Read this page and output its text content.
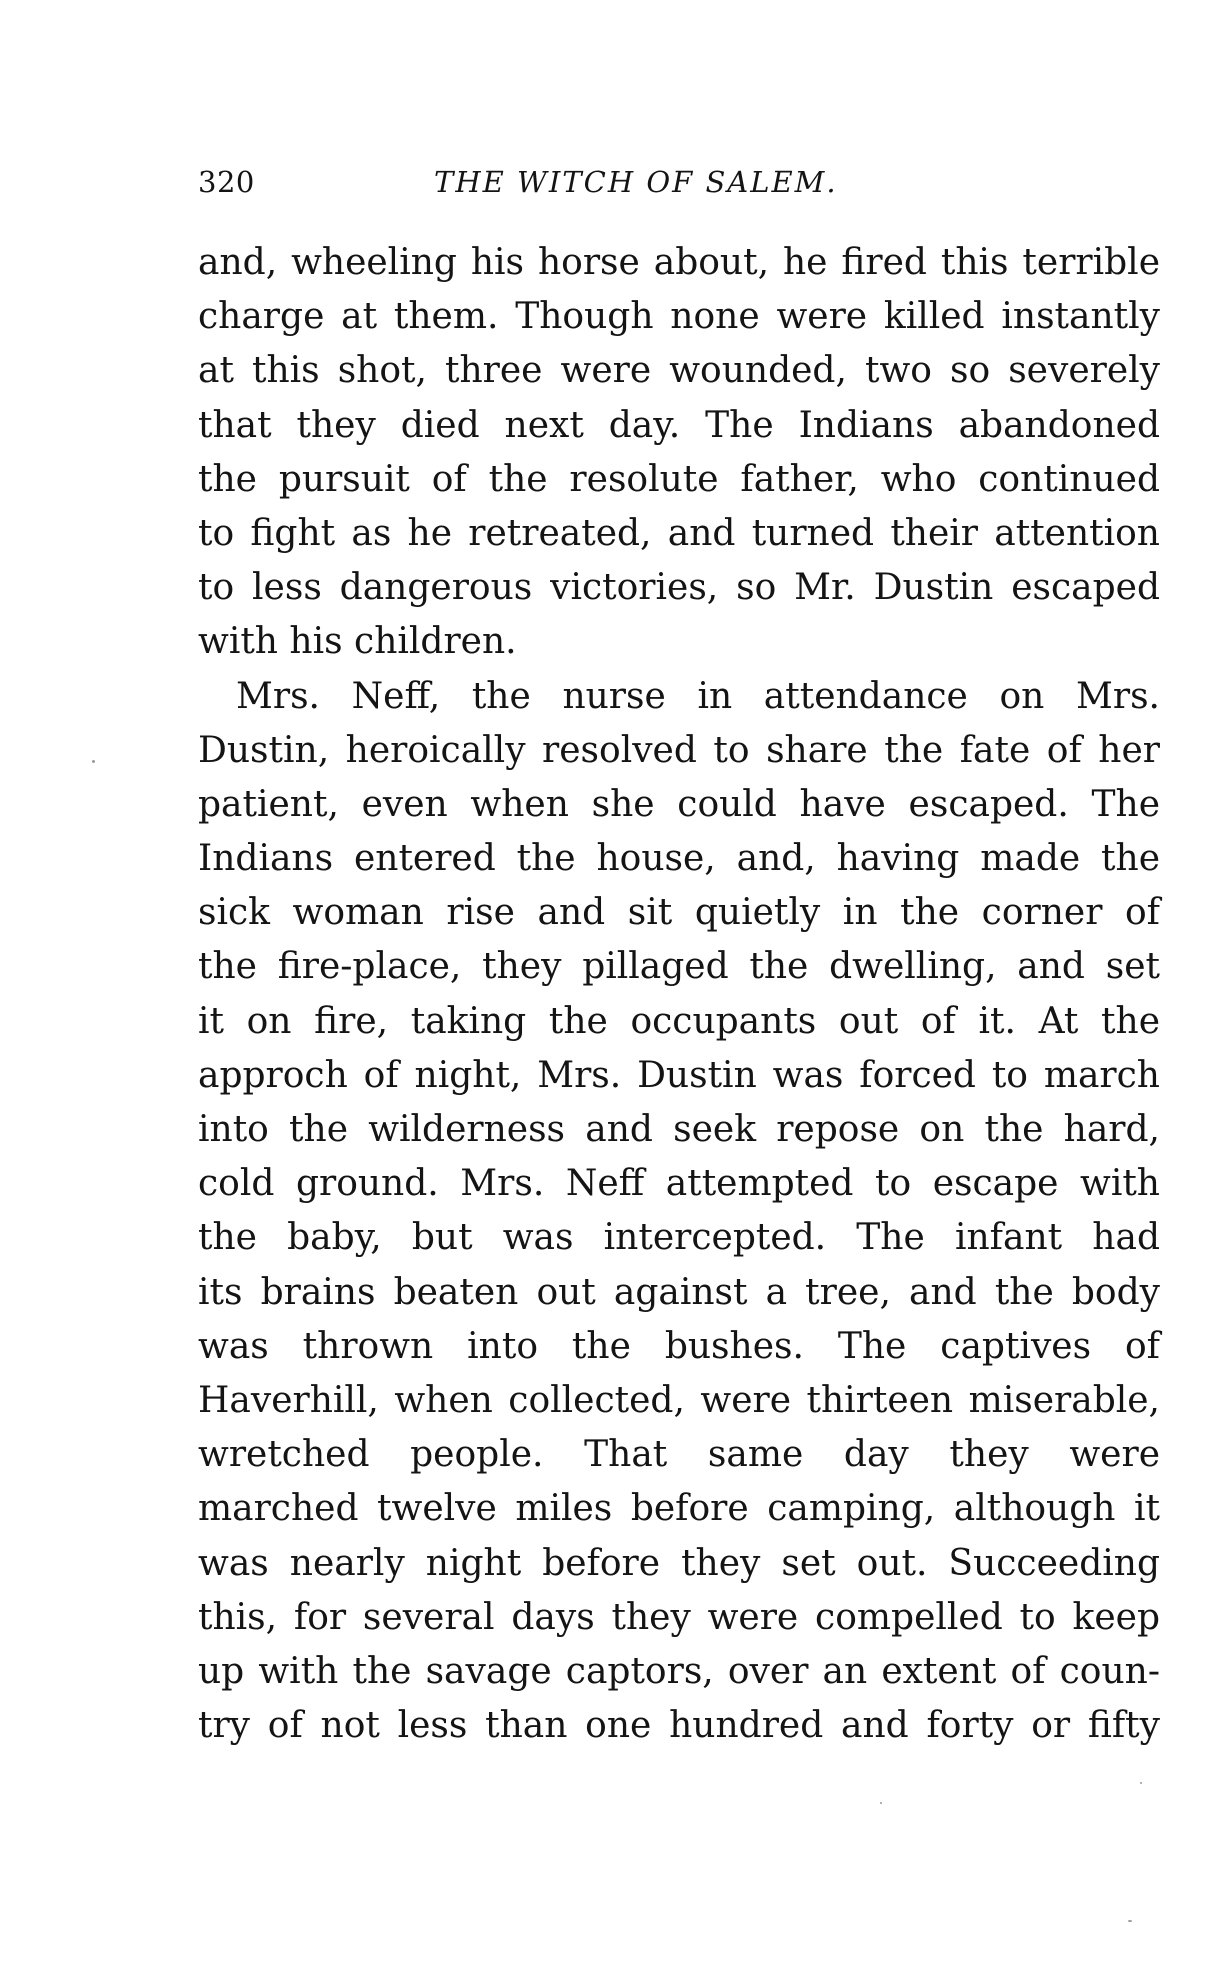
320	THE WITCH OF SALEM.
and, wheeling his horse about, he fired this terrible
charge at them. Though none were killed instantly
at this shot, three were wounded, two so severely
that they died next day. The Indians abandoned
the pursuit of the resolute father, who continued
to fight as he retreated, and turned their attention
to less dangerous victories, so Mr. Dustin escaped
with his children.
Mrs. Neff, the nurse in attendance on Mrs.
Dustin, heroically resolved to share the fate of her
patient, even when she could have escaped. The
Indians entered the house, and, having made the
sick woman rise and sit quietly in the corner of
the fire-place, they pillaged the dwelling, and set
it on fire, taking the occupants out of it. At the
approch of night, Mrs. Dustin was forced to march
into the wilderness and seek repose on the hard,
cold ground. Mrs. Neff attempted to escape with
the baby, but was intercepted. The infant had
its brains beaten out against a tree, and the body
was thrown into the bushes. The captives of
Haverhill, when collected, were thirteen miserable,
wretched people. That same day they were
marched twelve miles before camping, although it
was nearly night before they set out. Succeeding
this, for several days they were compelled to keep
up with the savage captors, over an extent of coun-
try of not less than one hundred and forty or fifty
